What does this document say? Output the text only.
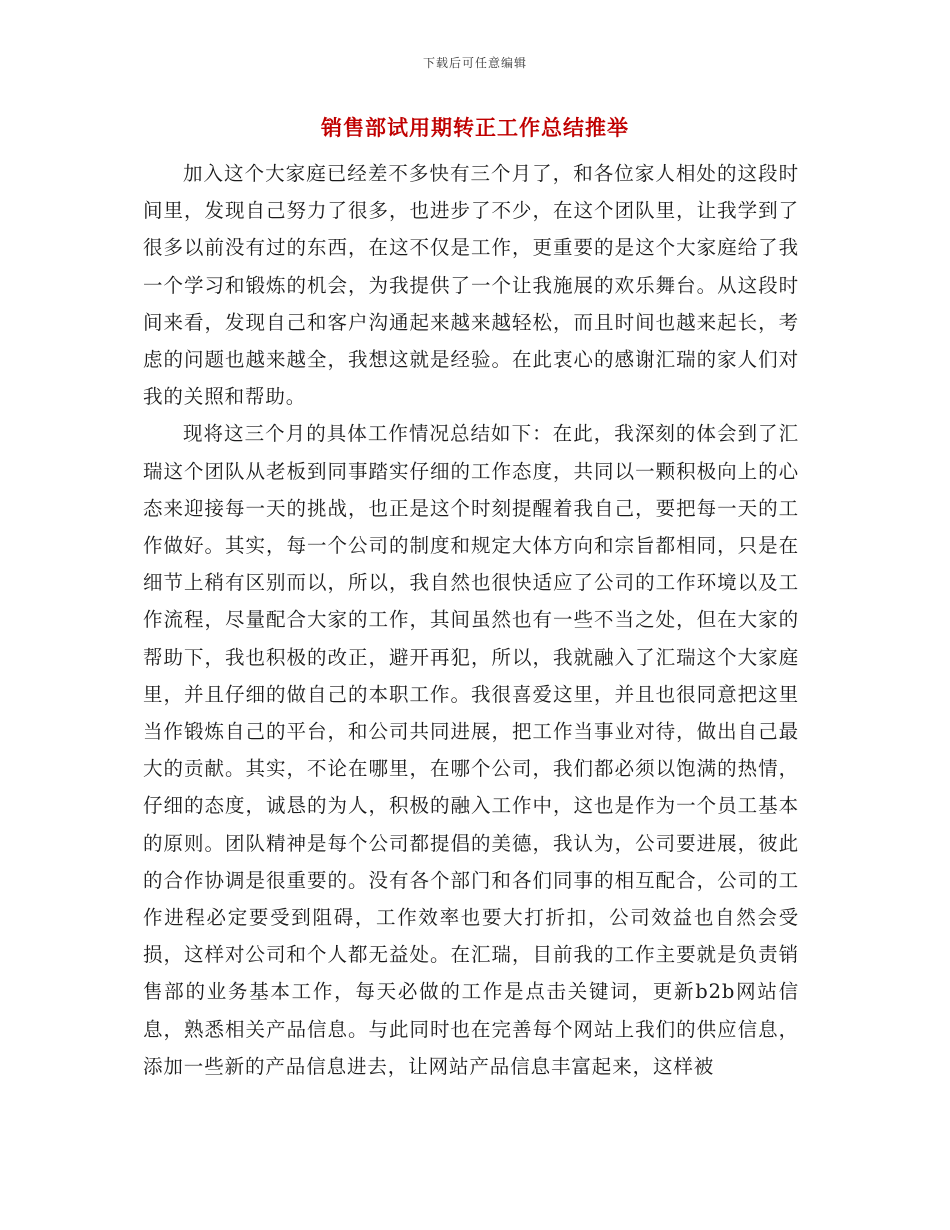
下载后可任意编辑
销售部试用期转正工作总结推举

加入这个大家庭已经差不多快有三个月了，和各位家人相处的这段时间里，发现自己努力了很多，也进步了不少，在这个团队里，让我学到了很多以前没有过的东西，在这不仅是工作，更重要的是这个大家庭给了我一个学习和锻炼的机会，为我提供了一个让我施展的欢乐舞台。从这段时间来看，发现自己和客户沟通起来越来越轻松，而且时间也越来起长，考虑的问题也越来越全，我想这就是经验。在此衷心的感谢汇瑞的家人们对我的关照和帮助。

现将这三个月的具体工作情况总结如下：在此，我深刻的体会到了汇瑞这个团队从老板到同事踏实仔细的工作态度，共同以一颗积极向上的心态来迎接每一天的挑战，也正是这个时刻提醒着我自己，要把每一天的工作做好。其实，每一个公司的制度和规定大体方向和宗旨都相同，只是在细节上稍有区别而以，所以，我自然也很快适应了公司的工作环境以及工作流程，尽量配合大家的工作，其间虽然也有一些不当之处，但在大家的帮助下，我也积极的改正，避开再犯，所以，我就融入了汇瑞这个大家庭里，并且仔细的做自己的本职工作。我很喜爱这里，并且也很同意把这里当作锻炼自己的平台，和公司共同进展，把工作当事业对待，做出自己最大的贡献。其实，不论在哪里，在哪个公司，我们都必须以饱满的热情，仔细的态度，诚恳的为人，积极的融入工作中，这也是作为一个员工基本的原则。团队精神是每个公司都提倡的美德，我认为，公司要进展，彼此的合作协调是很重要的。没有各个部门和各们同事的相互配合，公司的工作进程必定要受到阻碍，工作效率也要大打折扣，公司效益也自然会受损，这样对公司和个人都无益处。在汇瑞，目前我的工作主要就是负责销售部的业务基本工作，每天必做的工作是点击关键词，更新b2b网站信息，熟悉相关产品信息。与此同时也在完善每个网站上我们的供应信息，添加一些新的产品信息进去，让网站产品信息丰富起来，这样被
